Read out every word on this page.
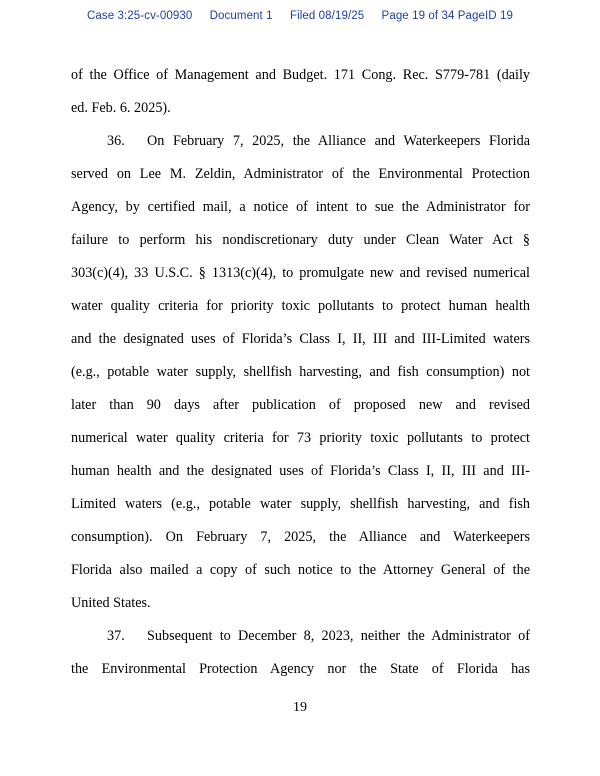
Case 3:25-cv-00930 Document 1 Filed 08/19/25 Page 19 of 34 PageID 19
of the Office of Management and Budget. 171 Cong. Rec. S779-781 (daily
ed. Feb. 6. 2025).
36. On February 7, 2025, the Alliance and Waterkeepers Florida
served on Lee M. Zeldin, Administrator of the Environmental Protection
Agency, by certified mail, a notice of intent to sue the Administrator for
failure to perform his nondiscretionary duty under Clean Water Act §
303(c)(4), 33 U.S.C. § 1313(c)(4), to promulgate new and revised numerical
water quality criteria for priority toxic pollutants to protect human health
and the designated uses of Florida’s Class I, II, III and III-Limited waters
(e.g., potable water supply, shellfish harvesting, and fish consumption) not
later than 90 days after publication of proposed new and revised
numerical water quality criteria for 73 priority toxic pollutants to protect
human health and the designated uses of Florida’s Class I, II, III and III-
Limited waters (e.g., potable water supply, shellfish harvesting, and fish
consumption). On February 7, 2025, the Alliance and Waterkeepers
Florida also mailed a copy of such notice to the Attorney General of the
United States.
37. Subsequent to December 8, 2023, neither the Administrator of
the Environmental Protection Agency nor the State of Florida has
19
